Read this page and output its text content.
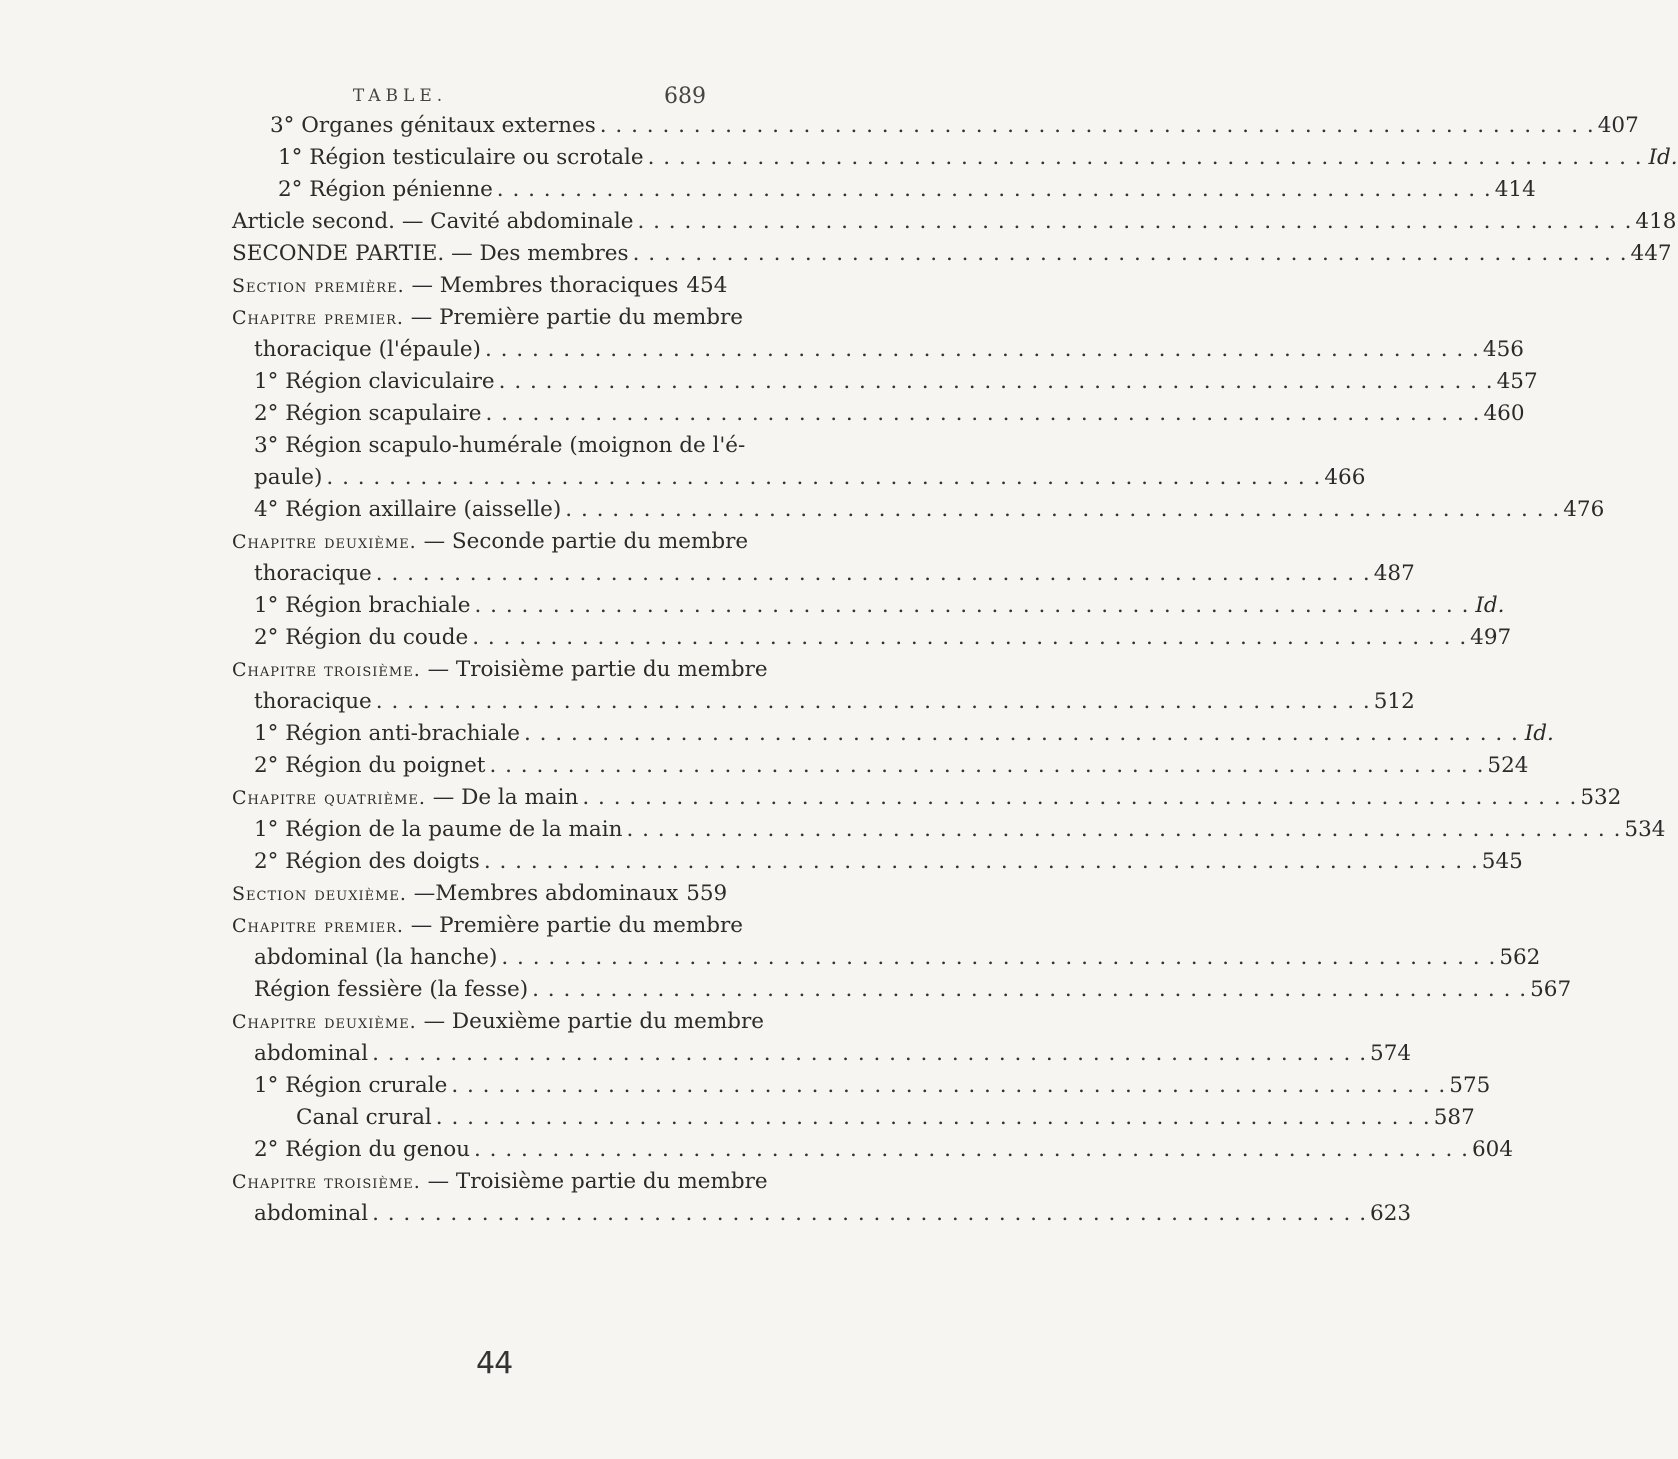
TABLE.	689
3° Organes génitaux externes . . .	407
1° Région testiculaire ou scrotale . . .	Id.
2° Région pénienne . . .	414
Article second. — Cavité abdominale . . .	418
SECONDE PARTIE. — Des membres . . .	447
Section première. — Membres thoraciques 454
Chapitre premier. — Première partie du membre
thoracique (l'épaule) . . .	456
1° Région claviculaire . . .	457
2° Région scapulaire . . .	460
3° Région scapulo-humérale (moignon de l'é-
paule) . . .	466
4° Région axillaire (aisselle) . . .	476
Chapitre deuxième. — Seconde partie du membre
thoracique . . .	487
1° Région brachiale . . .	Id.
2° Région du coude . . .	497
Chapitre troisième. — Troisième partie du membre
thoracique . . .	512
1° Région anti-brachiale . . .	Id.
2° Région du poignet . . .	524
Chapitre quatrième. — De la main . . .	532
1° Région de la paume de la main . . .	534
2° Région des doigts . . .	545
Section deuxième. —Membres abdominaux 559
Chapitre premier. — Première partie du membre
abdominal (la hanche) . . .	562
Région fessière (la fesse) . . .	567
Chapitre deuxième. — Deuxième partie du membre
abdominal . . .	574
1° Région crurale . . .	575
Canal crural . . .	587
2° Région du genou . . .	604
Chapitre troisième. — Troisième partie du membre
abdominal . . .	623
44
